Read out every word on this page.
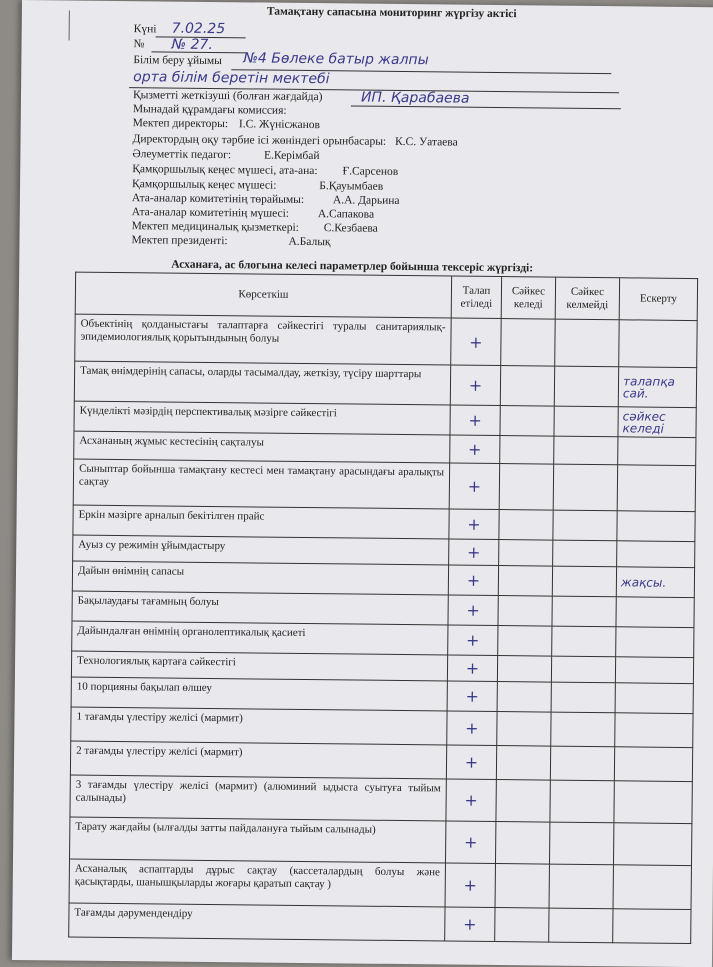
Тамақтану сапасына мониторинг жүргізу актісі
Күні 7.02.25
№ № 27.
Білім беру ұйымы №4 Бөлеке батыр жалпы
орта білім беретін мектебі
Қызметті жеткізуші (болған жағдайда)	ИП. Қарабаева
Мынадай құрамдағы комиссия:
Мектеп директоры: І.С. Жүнісжанов
Директордың оқу тәрбие ісі жөніндегі орынбасары: К.С. Уатаева
Әлеуметтік педагог:	Е.Керімбай
Қамқоршылық кеңес мүшесі, ата-ана: Ғ.Сарсенов
Қамқоршылық кеңес мүшесі:	Б.Қауымбаев
Ата-аналар комитетінің төрайымы: А.А. Дарьина
Ата-аналар комитетінің мүшесі: А.Сапакова
Мектеп медициналық қызметкері: С.Кезбаева
Мектеп президенті:	А.Балық
Асханаға, ас блогына келесі параметрлер бойынша тексеріс жүргізді:
Көрсеткіш	Талап етіледі	Сәйкес келеді	Сәйкес келмейді	Ескерту
Объектінің қолданыстағы талаптарға сәйкестігі туралы санитариялық-эпидемиологиялық қорытындының болуы	+			
Тамақ өнімдерінің сапасы, оларды тасымалдау, жеткізу, түсіру шарттары	+			талапқа сай.
Күнделікті мәзірдің перспективалық мәзірге сәйкестігі	+			сәйкес келеді
Асхананың жұмыс кестесінің сақталуы	+			
Сыныптар бойынша тамақтану кестесі мен тамақтану арасындағы аралықты сақтау	+			
Еркін мәзірге арналып бекітілген прайс	+			
Ауыз су режимін ұйымдастыру	+			
Дайын өнімнің сапасы	+			жақсы.
Бақылаудағы тағамның болуы	+			
Дайындалған өнімнің органолептикалық қасиеті	+			
Технологиялық картаға сәйкестігі	+			
10 порцияны бақылап өлшеу	+			
1 тағамды үлестіру желісі (мармит)	+			
2 тағамды үлестіру желісі (мармит)	+			
3 тағамды үлестіру желісі (мармит) (алюминий ыдыста суытуға тыйым салынады)	+			
Тарату жағдайы (ылғалды затты пайдалануға тыйым салынады)	+			
Асханалық аспаптарды дұрыс сақтау (кассеталардың болуы және қасықтарды, шанышқыларды жоғары қаратып сақтау )	+			
Тағамды дәрумендендіру	+			
